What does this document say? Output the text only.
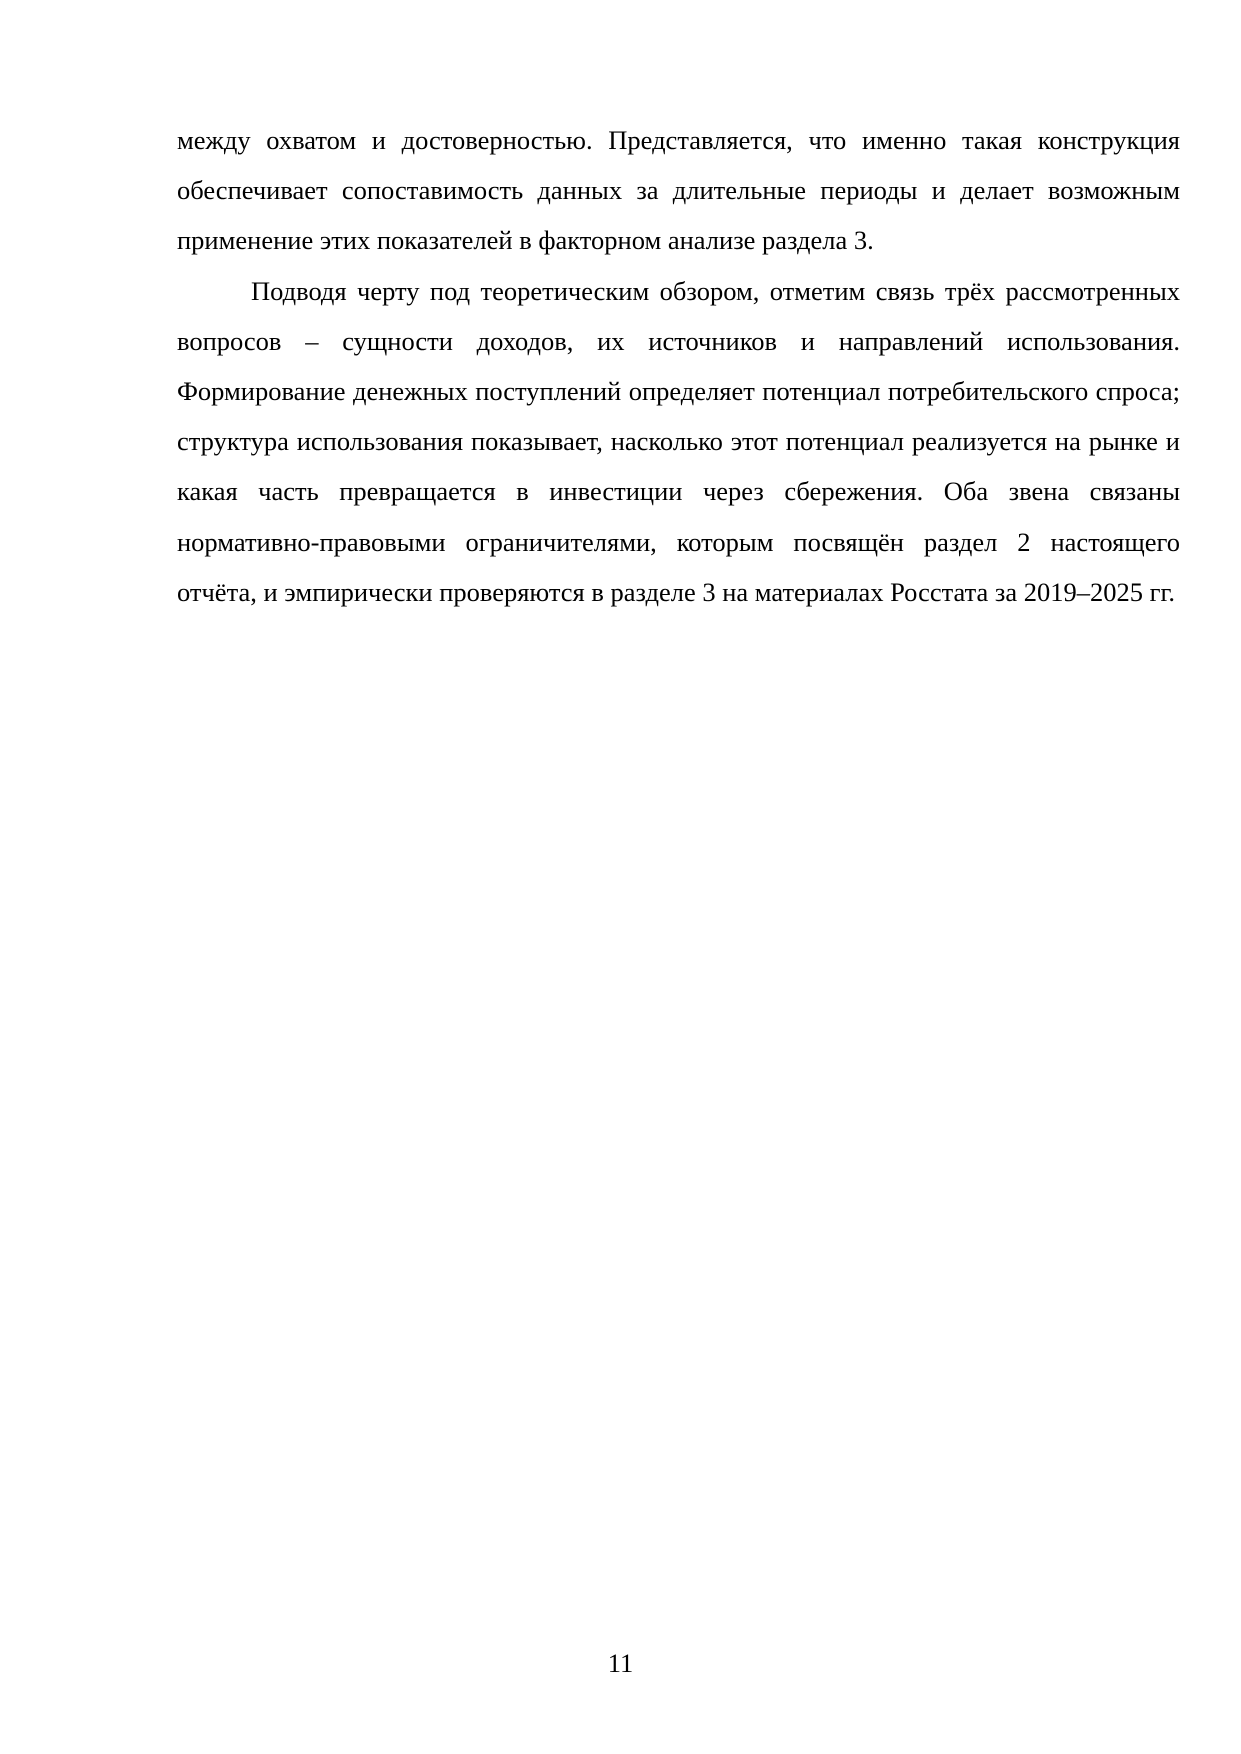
между охватом и достоверностью. Представляется, что именно такая конструкция обеспечивает сопоставимость данных за длительные периоды и делает возможным применение этих показателей в факторном анализе раздела 3.

Подводя черту под теоретическим обзором, отметим связь трёх рассмотренных вопросов – сущности доходов, их источников и направлений использования. Формирование денежных поступлений определяет потенциал потребительского спроса; структура использования показывает, насколько этот потенциал реализуется на рынке и какая часть превращается в инвестиции через сбережения. Оба звена связаны нормативно-правовыми ограничителями, которым посвящён раздел 2 настоящего отчёта, и эмпирически проверяются в разделе 3 на материалах Росстата за 2019–2025 гг.

11
